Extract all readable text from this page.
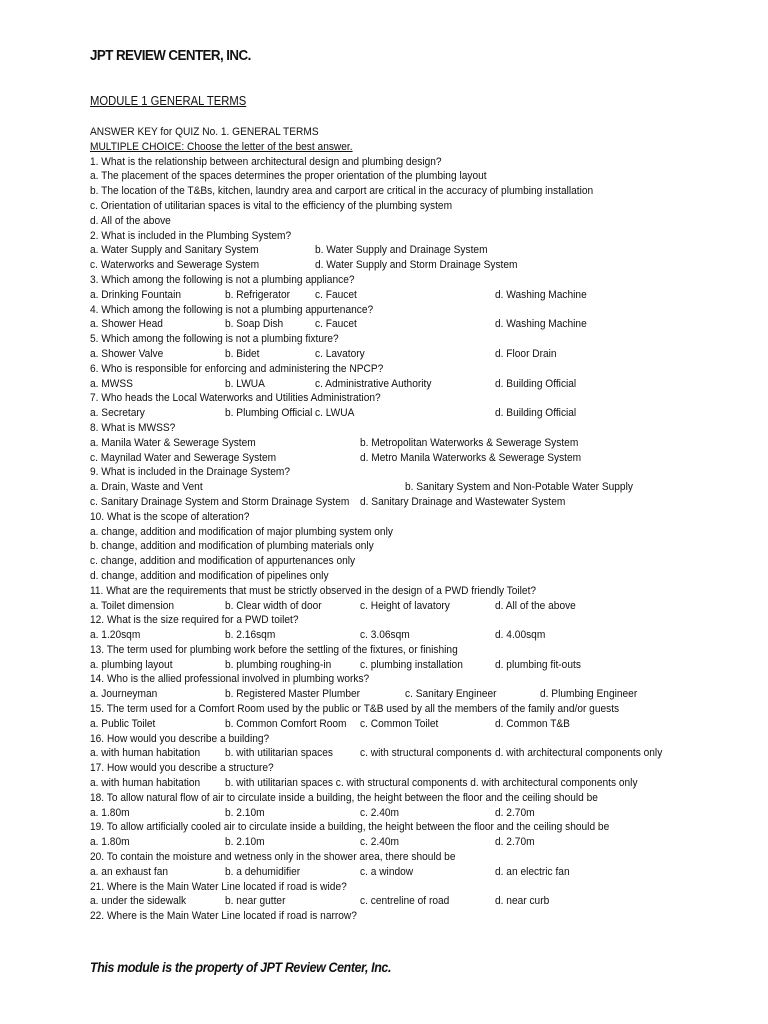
JPT REVIEW CENTER, INC.
MODULE 1 GENERAL TERMS
ANSWER KEY for QUIZ No. 1. GENERAL TERMS
MULTIPLE CHOICE: Choose the letter of the best answer.
1. What is the relationship between architectural design and plumbing design?
a. The placement of the spaces determines the proper orientation of the plumbing layout
b. The location of the T&Bs, kitchen, laundry area and carport are critical in the accuracy of plumbing installation
c. Orientation of utilitarian spaces is vital to the efficiency of the plumbing system
d. All of the above
2. What is included in the Plumbing System?
a. Water Supply and Sanitary System	b. Water Supply and Drainage System
c. Waterworks and Sewerage System	d. Water Supply and Storm Drainage System
3. Which among the following is not a plumbing appliance?
a. Drinking Fountain	b. Refrigerator c. Faucet	d. Washing Machine
4. Which among the following is not a plumbing appurtenance?
a. Shower Head	b. Soap Dish	c. Faucet	d. Washing Machine
5. Which among the following is not a plumbing fixture?
a. Shower Valve	b. Bidet	c. Lavatory	d. Floor Drain
6. Who is responsible for enforcing and administering the NPCP?
a. MWSS	b. LWUA	c. Administrative Authority	d. Building Official
7. Who heads the Local Waterworks and Utilities Administration?
a. Secretary	b. Plumbing Official c. LWUA	d. Building Official
8. What is MWSS?
a. Manila Water & Sewerage System	b. Metropolitan Waterworks & Sewerage System
c. Maynilad Water and Sewerage System	d. Metro Manila Waterworks & Sewerage System
9. What is included in the Drainage System?
a. Drain, Waste and Vent	b. Sanitary System and Non-Potable Water Supply
c. Sanitary Drainage System and Storm Drainage System d. Sanitary Drainage and Wastewater System
10. What is the scope of alteration?
a. change, addition and modification of major plumbing system only
b. change, addition and modification of plumbing materials only
c. change, addition and modification of appurtenances only
d. change, addition and modification of pipelines only
11. What are the requirements that must be strictly observed in the design of a PWD friendly Toilet?
a. Toilet dimension	b. Clear width of door	c. Height of lavatory	d. All of the above
12. What is the size required for a PWD toilet?
a. 1.20sqm	b. 2.16sqm	c. 3.06sqm	d. 4.00sqm
13. The term used for plumbing work before the settling of the fixtures, or finishing
a. plumbing layout	b. plumbing roughing-in	c. plumbing installation	d. plumbing fit-outs
14. Who is the allied professional involved in plumbing works?
a. Journeyman	b. Registered Master Plumber	c. Sanitary Engineer	d. Plumbing Engineer
15. The term used for a Comfort Room used by the public or T&B used by all the members of the family and/or guests
a. Public Toilet	b. Common Comfort Room c. Common Toilet	d. Common T&B
16. How would you describe a building?
a. with human habitation b. with utilitarian spaces c. with structural components d. with architectural components only
17. How would you describe a structure?
a. with human habitation b. with utilitarian spaces c. with structural components d. with architectural components only
18. To allow natural flow of air to circulate inside a building, the height between the floor and the ceiling should be
a. 1.80m	b. 2.10m	c. 2.40m	d. 2.70m
19. To allow artificially cooled air to circulate inside a building, the height between the floor and the ceiling should be
a. 1.80m	b. 2.10m	c. 2.40m	d. 2.70m
20. To contain the moisture and wetness only in the shower area, there should be
a. an exhaust fan	b. a dehumidifier	c. a window	d. an electric fan
21. Where is the Main Water Line located if road is wide?
a. under the sidewalk	b. near gutter	c. centreline of road	d. near curb
22. Where is the Main Water Line located if road is narrow?
This module is the property of JPT Review Center, Inc.
